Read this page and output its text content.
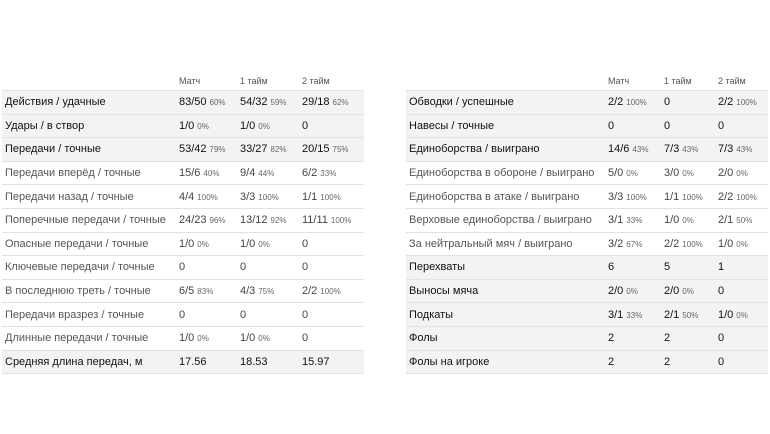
	Матч	1 тайм	2 тайм
Действия / удачные	83/50 60%	54/32 59%	29/18 62%
Удары / в створ	1/0 0%	1/0 0%	0
Передачи / точные	53/42 79%	33/27 82%	20/15 75%
Передачи вперёд / точные	15/6 40%	9/4 44%	6/2 33%
Передачи назад / точные	4/4 100%	3/3 100%	1/1 100%
Поперечные передачи / точные	24/23 96%	13/12 92%	11/11 100%
Опасные передачи / точные	1/0 0%	1/0 0%	0
Ключевые передачи / точные	0	0	0
В последнюю треть / точные	6/5 83%	4/3 75%	2/2 100%
Передачи вразрез / точные	0	0	0
Длинные передачи / точные	1/0 0%	1/0 0%	0
Средняя длина передач, м	17.56	18.53	15.97
	Матч	1 тайм	2 тайм
Обводки / успешные	2/2 100%	0	2/2 100%
Навесы / точные	0	0	0
Единоборства / выиграно	14/6 43%	7/3 43%	7/3 43%
Единоборства в обороне / выиграно	5/0 0%	3/0 0%	2/0 0%
Единоборства в атаке / выиграно	3/3 100%	1/1 100%	2/2 100%
Верховые единоборства / выиграно	3/1 33%	1/0 0%	2/1 50%
За нейтральный мяч / выиграно	3/2 67%	2/2 100%	1/0 0%
Перехваты	6	5	1
Выносы мяча	2/0 0%	2/0 0%	0
Подкаты	3/1 33%	2/1 50%	1/0 0%
Фолы	2	2	0
Фолы на игроке	2	2	0
